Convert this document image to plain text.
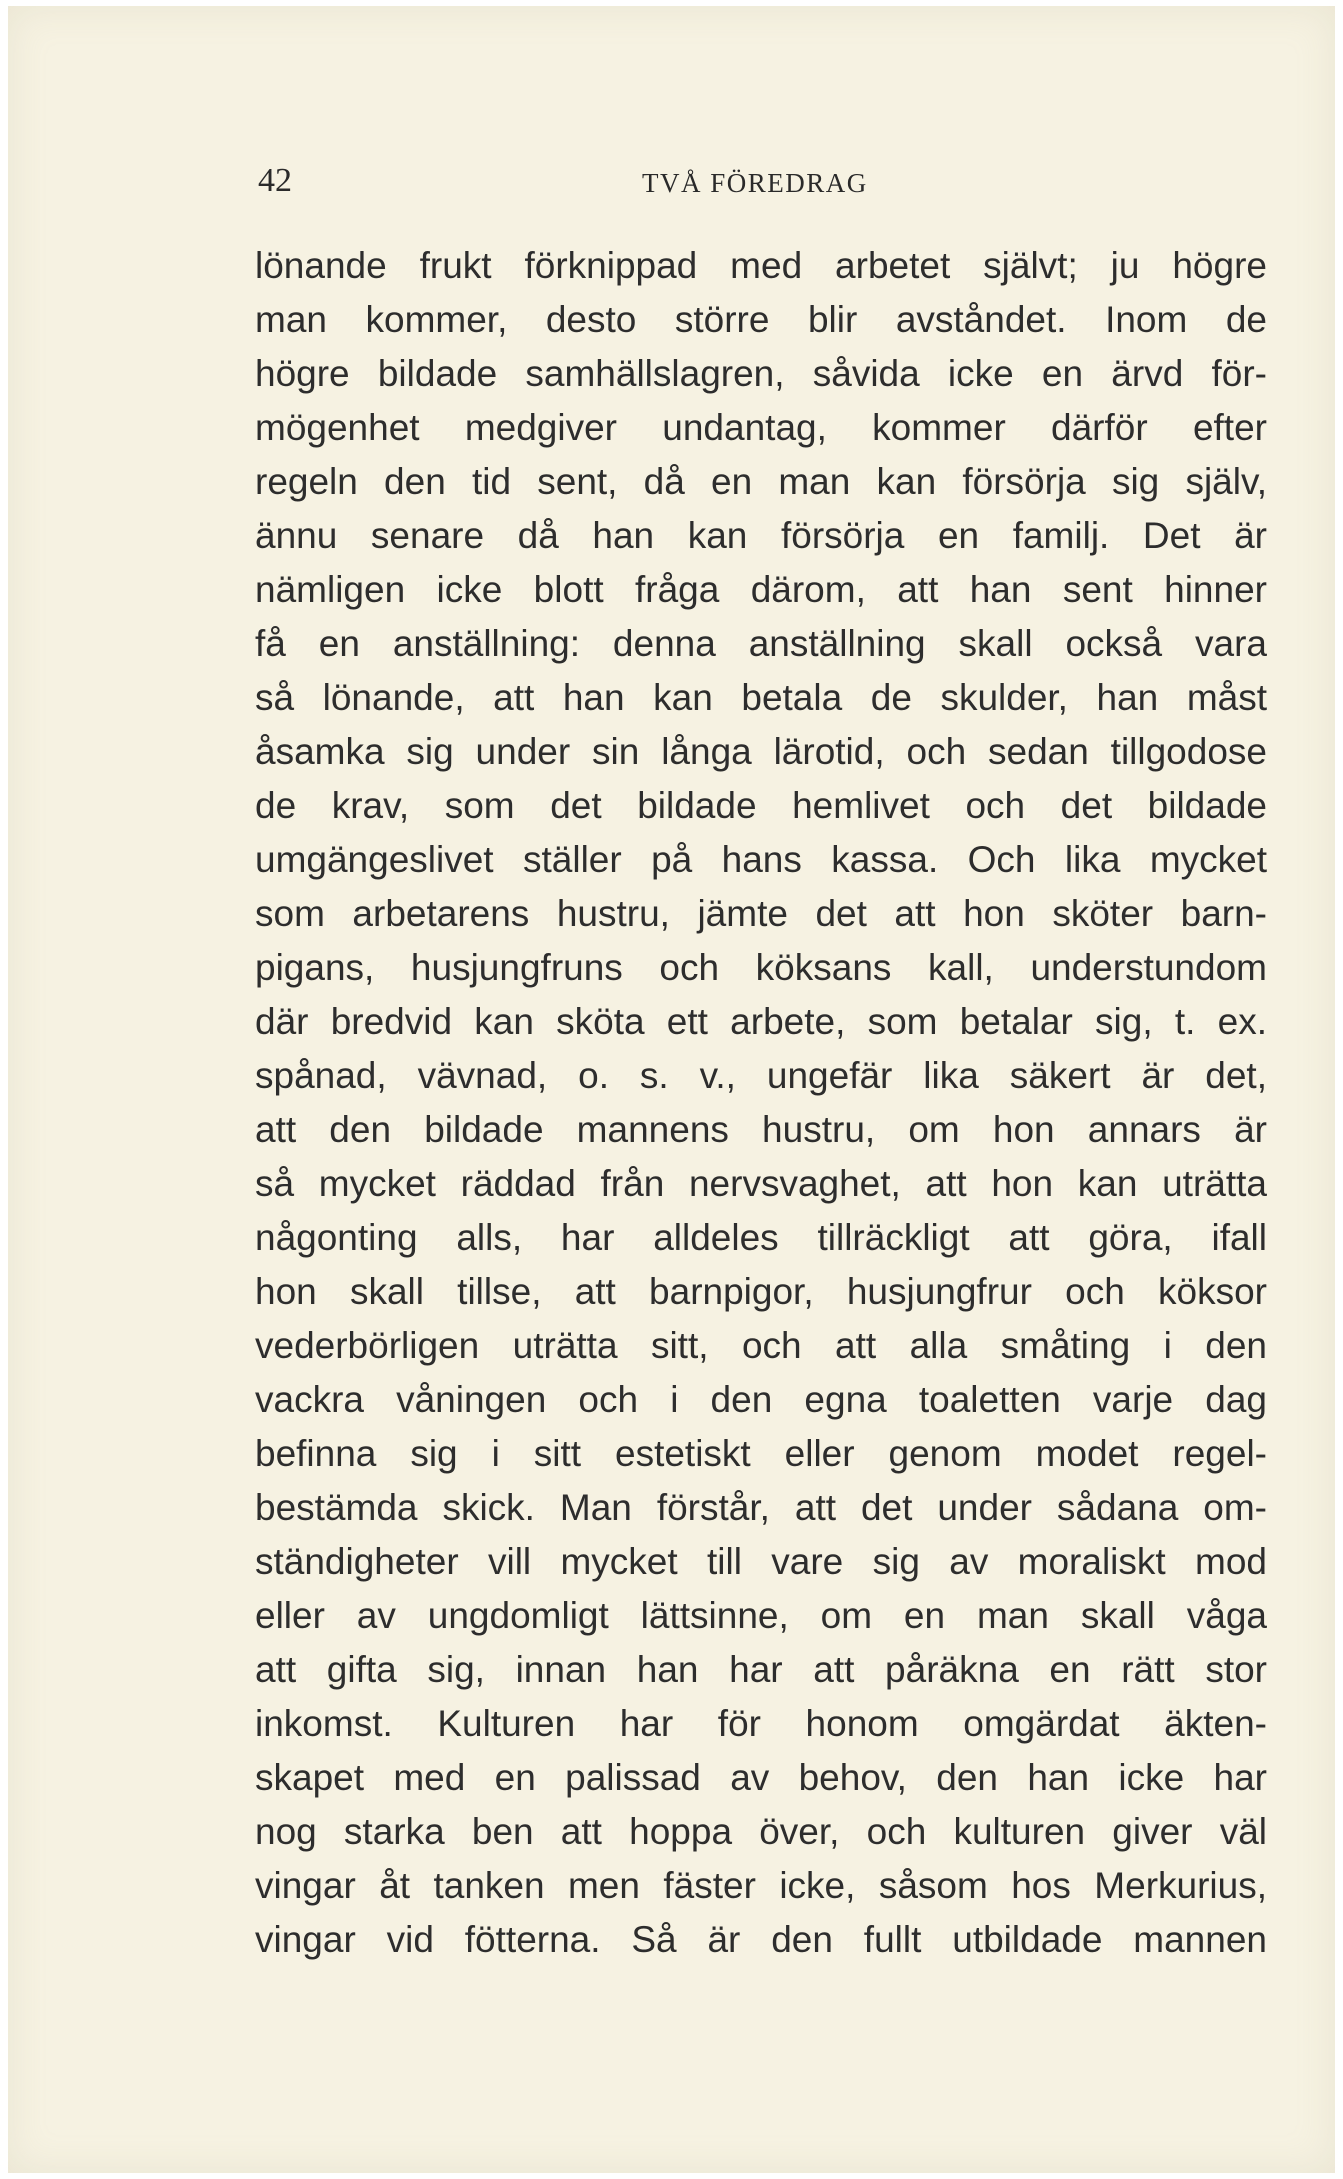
42	TVÅ FÖREDRAG
lönande frukt förknippad med arbetet självt; ju högre
man kommer, desto större blir avståndet. Inom de
högre bildade samhällslagren, såvida icke en ärvd för-
mögenhet medgiver undantag, kommer därför efter
regeln den tid sent, då en man kan försörja sig själv,
ännu senare då han kan försörja en familj. Det är
nämligen icke blott fråga därom, att han sent hinner
få en anställning: denna anställning skall också vara
så lönande, att han kan betala de skulder, han måst
åsamka sig under sin långa lärotid, och sedan tillgodose
de krav, som det bildade hemlivet och det bildade
umgängeslivet ställer på hans kassa. Och lika mycket
som arbetarens hustru, jämte det att hon sköter barn-
pigans, husjungfruns och köksans kall, understundom
där bredvid kan sköta ett arbete, som betalar sig, t. ex.
spånad, vävnad, o. s. v., ungefär lika säkert är det,
att den bildade mannens hustru, om hon annars är
så mycket räddad från nervsvaghet, att hon kan uträtta
någonting alls, har alldeles tillräckligt att göra, ifall
hon skall tillse, att barnpigor, husjungfrur och köksor
vederbörligen uträtta sitt, och att alla småting i den
vackra våningen och i den egna toaletten varje dag
befinna sig i sitt estetiskt eller genom modet regel-
bestämda skick. Man förstår, att det under sådana om-
ständigheter vill mycket till vare sig av moraliskt mod
eller av ungdomligt lättsinne, om en man skall våga
att gifta sig, innan han har att påräkna en rätt stor
inkomst. Kulturen har för honom omgärdat äkten-
skapet med en palissad av behov, den han icke har
nog starka ben att hoppa över, och kulturen giver väl
vingar åt tanken men fäster icke, såsom hos Merkurius,
vingar vid fötterna. Så är den fullt utbildade mannen
